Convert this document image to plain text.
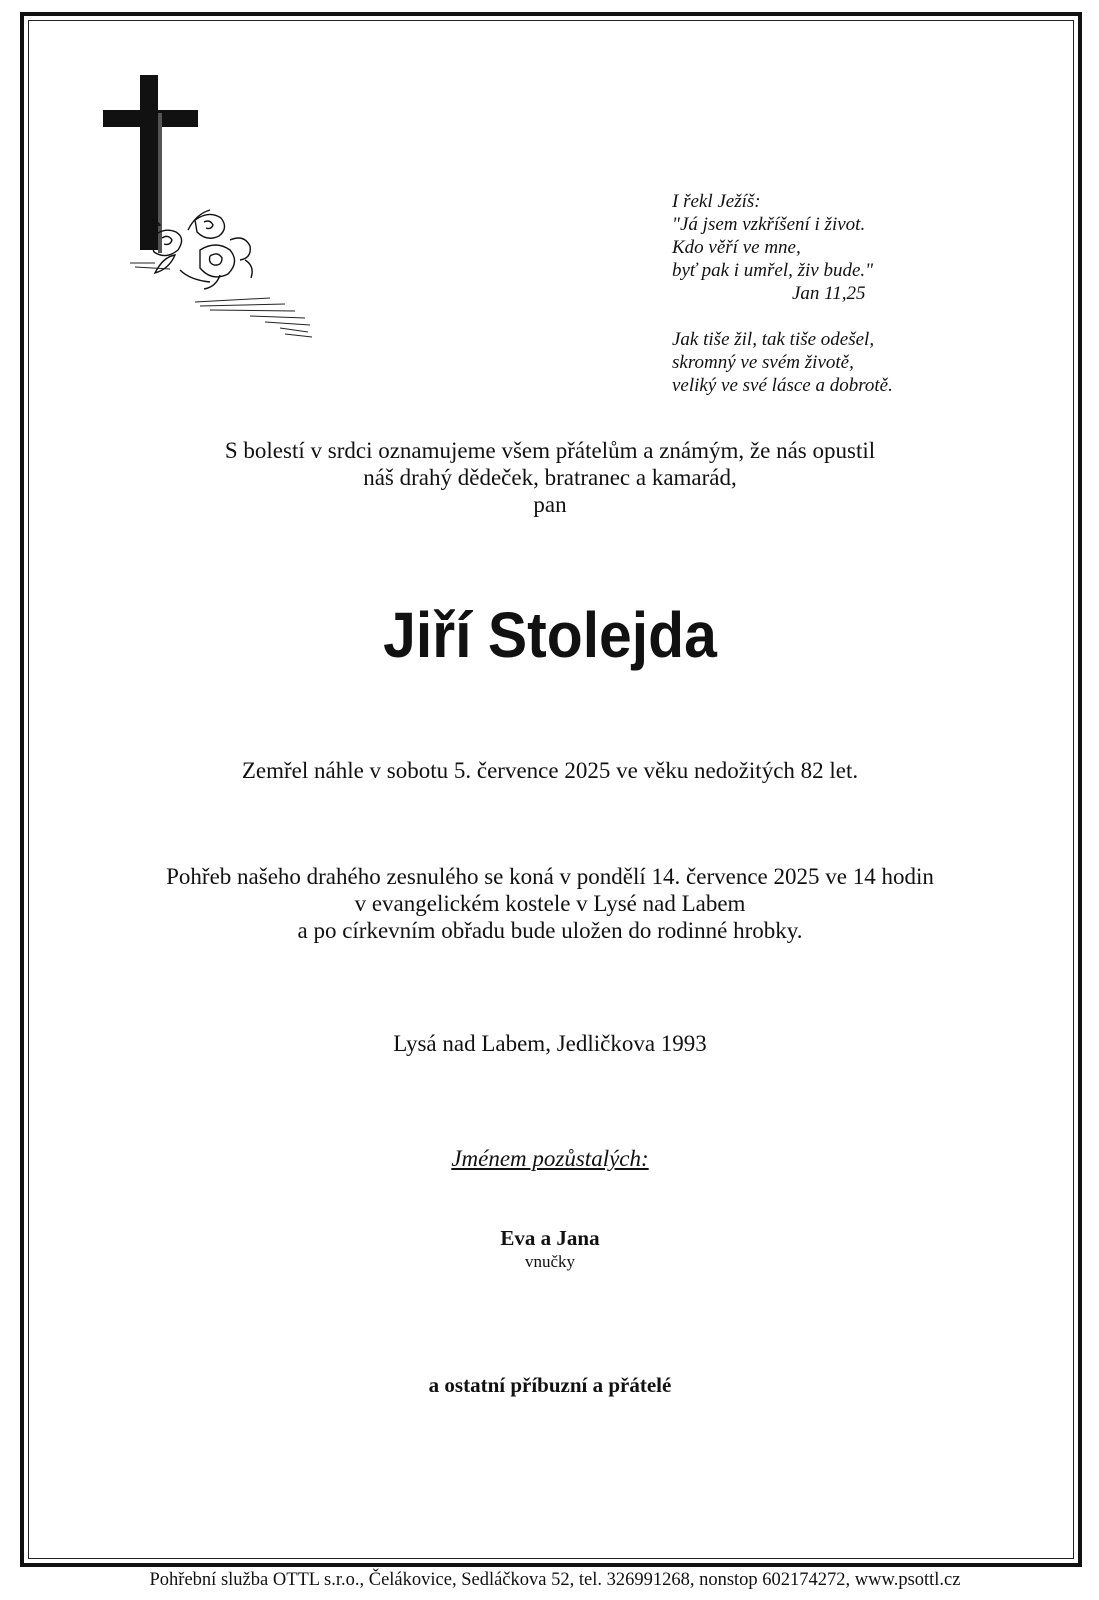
I řekl Ježíš:
"Já jsem vzkříšení i život.
Kdo věří ve mne,
byť pak i umřel, živ bude."
Jan 11,25
Jak tiše žil, tak tiše odešel,
skromný ve svém životě,
veliký ve své lásce a dobrotě.
S bolestí v srdci oznamujeme všem přátelům a známým, že nás opustil
náš drahý dědeček, bratranec a kamarád,
pan
Jiří Stolejda
Zemřel náhle v sobotu 5. července 2025 ve věku nedožitých 82 let.
Pohřeb našeho drahého zesnulého se koná v pondělí 14. července 2025 ve 14 hodin
v evangelickém kostele v Lysé nad Labem
a po církevním obřadu bude uložen do rodinné hrobky.
Lysá nad Labem, Jedličkova 1993
Jménem pozůstalých:
Eva a Jana
vnučky
a ostatní příbuzní a přátelé
Pohřební služba OTTL s.r.o., Čelákovice, Sedláčkova 52, tel. 326991268, nonstop 602174272, www.psottl.cz
